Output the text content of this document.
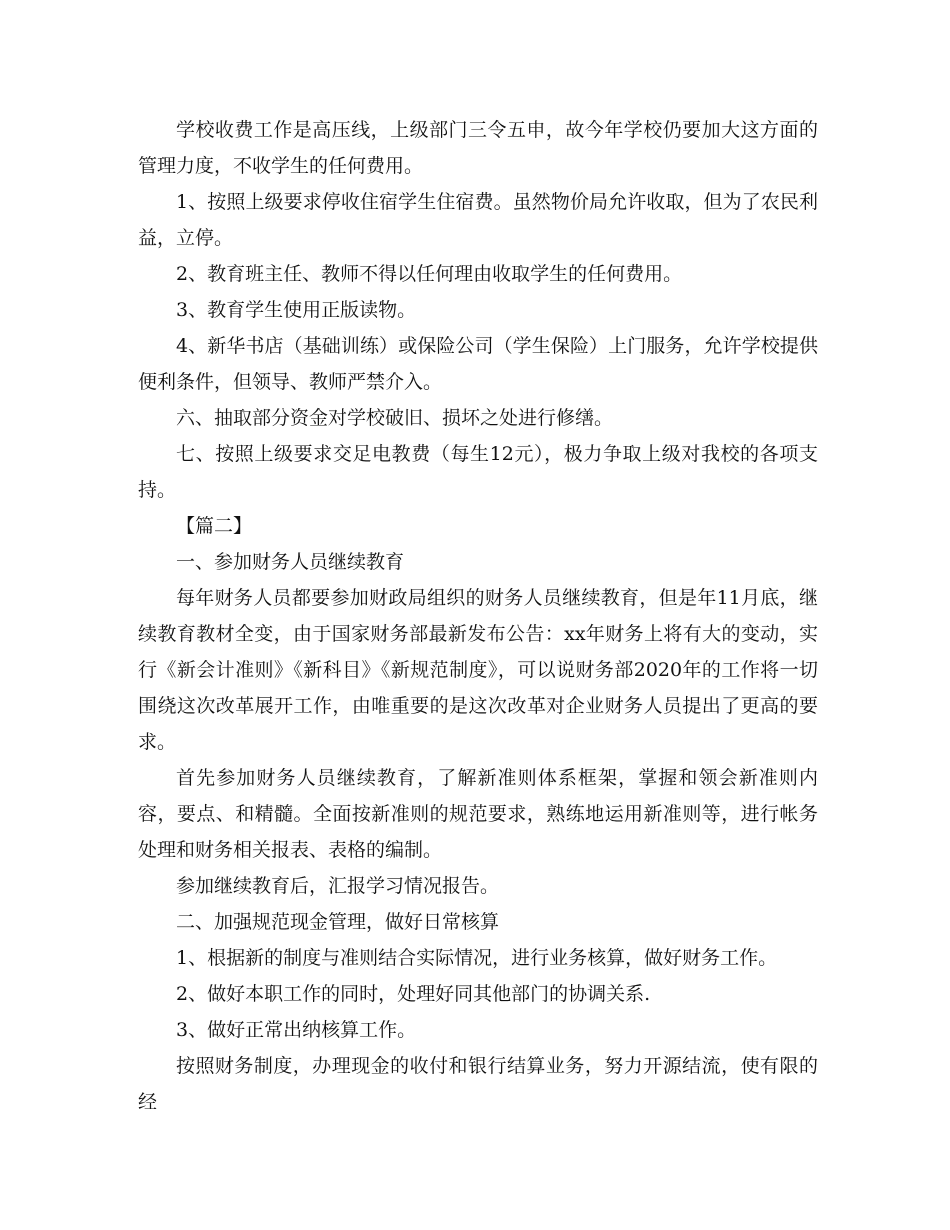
学校收费工作是高压线，上级部门三令五申，故今年学校仍要加大这方面的管理力度，不收学生的任何费用。

1、按照上级要求停收住宿学生住宿费。虽然物价局允许收取，但为了农民利益，立停。

2、教育班主任、教师不得以任何理由收取学生的任何费用。

3、教育学生使用正版读物。

4、新华书店（基础训练）或保险公司（学生保险）上门服务，允许学校提供便利条件，但领导、教师严禁介入。

六、抽取部分资金对学校破旧、损坏之处进行修缮。

七、按照上级要求交足电教费（每生12元），极力争取上级对我校的各项支持。

【篇二】

一、参加财务人员继续教育

每年财务人员都要参加财政局组织的财务人员继续教育，但是年11月底，继续教育教材全变，由于国家财务部最新发布公告：xx年财务上将有大的变动，实行《新会计准则》《新科目》《新规范制度》，可以说财务部2020年的工作将一切围绕这次改革展开工作，由唯重要的是这次改革对企业财务人员提出了更高的要求。

首先参加财务人员继续教育，了解新准则体系框架，掌握和领会新准则内容，要点、和精髓。全面按新准则的规范要求，熟练地运用新准则等，进行帐务处理和财务相关报表、表格的编制。

参加继续教育后，汇报学习情况报告。

二、加强规范现金管理，做好日常核算

1、根据新的制度与准则结合实际情况，进行业务核算，做好财务工作。

2、做好本职工作的同时，处理好同其他部门的协调关系.

3、做好正常出纳核算工作。

按照财务制度，办理现金的收付和银行结算业务，努力开源结流，使有限的经
